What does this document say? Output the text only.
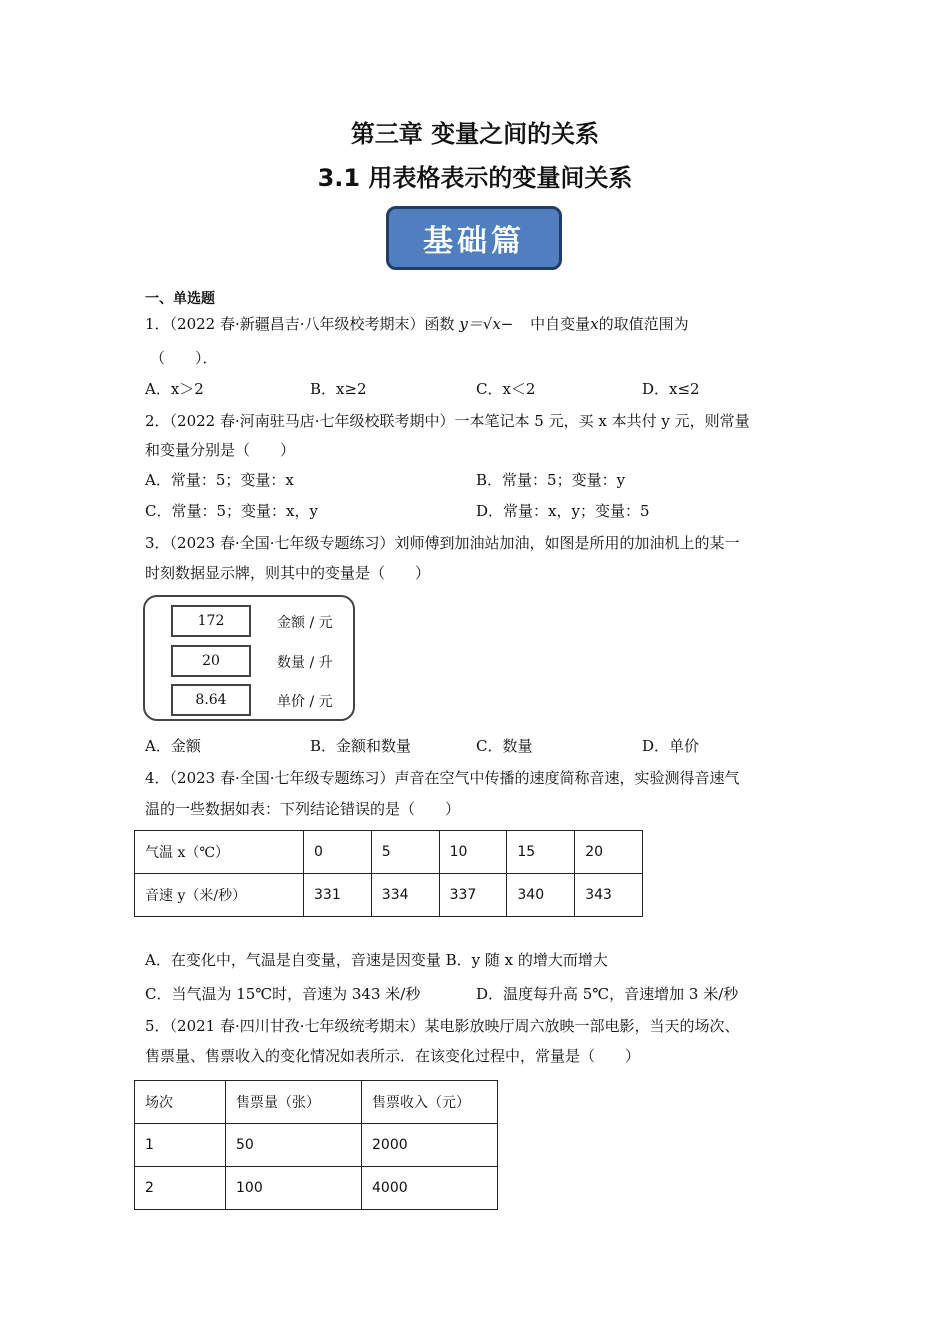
第三章 变量之间的关系
3.1 用表格表示的变量间关系
基础篇
一、单选题
1．（2022 春·新疆昌吉·八年级校考期末）函数 y＝√x− 中自变量x的取值范围为
（　　）．
A．x＞2	B．x≥2	C．x＜2	D．x≤2
2．（2022 春·河南驻马店·七年级校联考期中）一本笔记本 5 元，买 x 本共付 y 元，则常量
和变量分别是（　　）
A．常量：5；变量：x	B．常量：5；变量：y
C．常量：5；变量：x，y	D．常量：x，y；变量：5
3．（2023 春·全国·七年级专题练习）刘师傅到加油站加油，如图是所用的加油机上的某一
时刻数据显示牌，则其中的变量是（　　）
172	金额 / 元
20	数量 / 升
8.64	单价 / 元
A．金额	B．金额和数量	C．数量	D．单价
4．（2023 春·全国·七年级专题练习）声音在空气中传播的速度简称音速，实验测得音速气
温的一些数据如表：下列结论错误的是（　　）
气温 x（℃）	0	5	10	15	20
音速 y（米/秒）	331	334	337	340	343
A．在变化中，气温是自变量，音速是因变量 B．y 随 x 的增大而增大
C．当气温为 15℃时，音速为 343 米/秒	D．温度每升高 5℃，音速增加 3 米/秒
5．（2021 春·四川甘孜·七年级统考期末）某电影放映厅周六放映一部电影，当天的场次、
售票量、售票收入的变化情况如表所示．在该变化过程中，常量是（　　）
场次	售票量（张）	售票收入（元）
1	50	2000
2	100	4000
